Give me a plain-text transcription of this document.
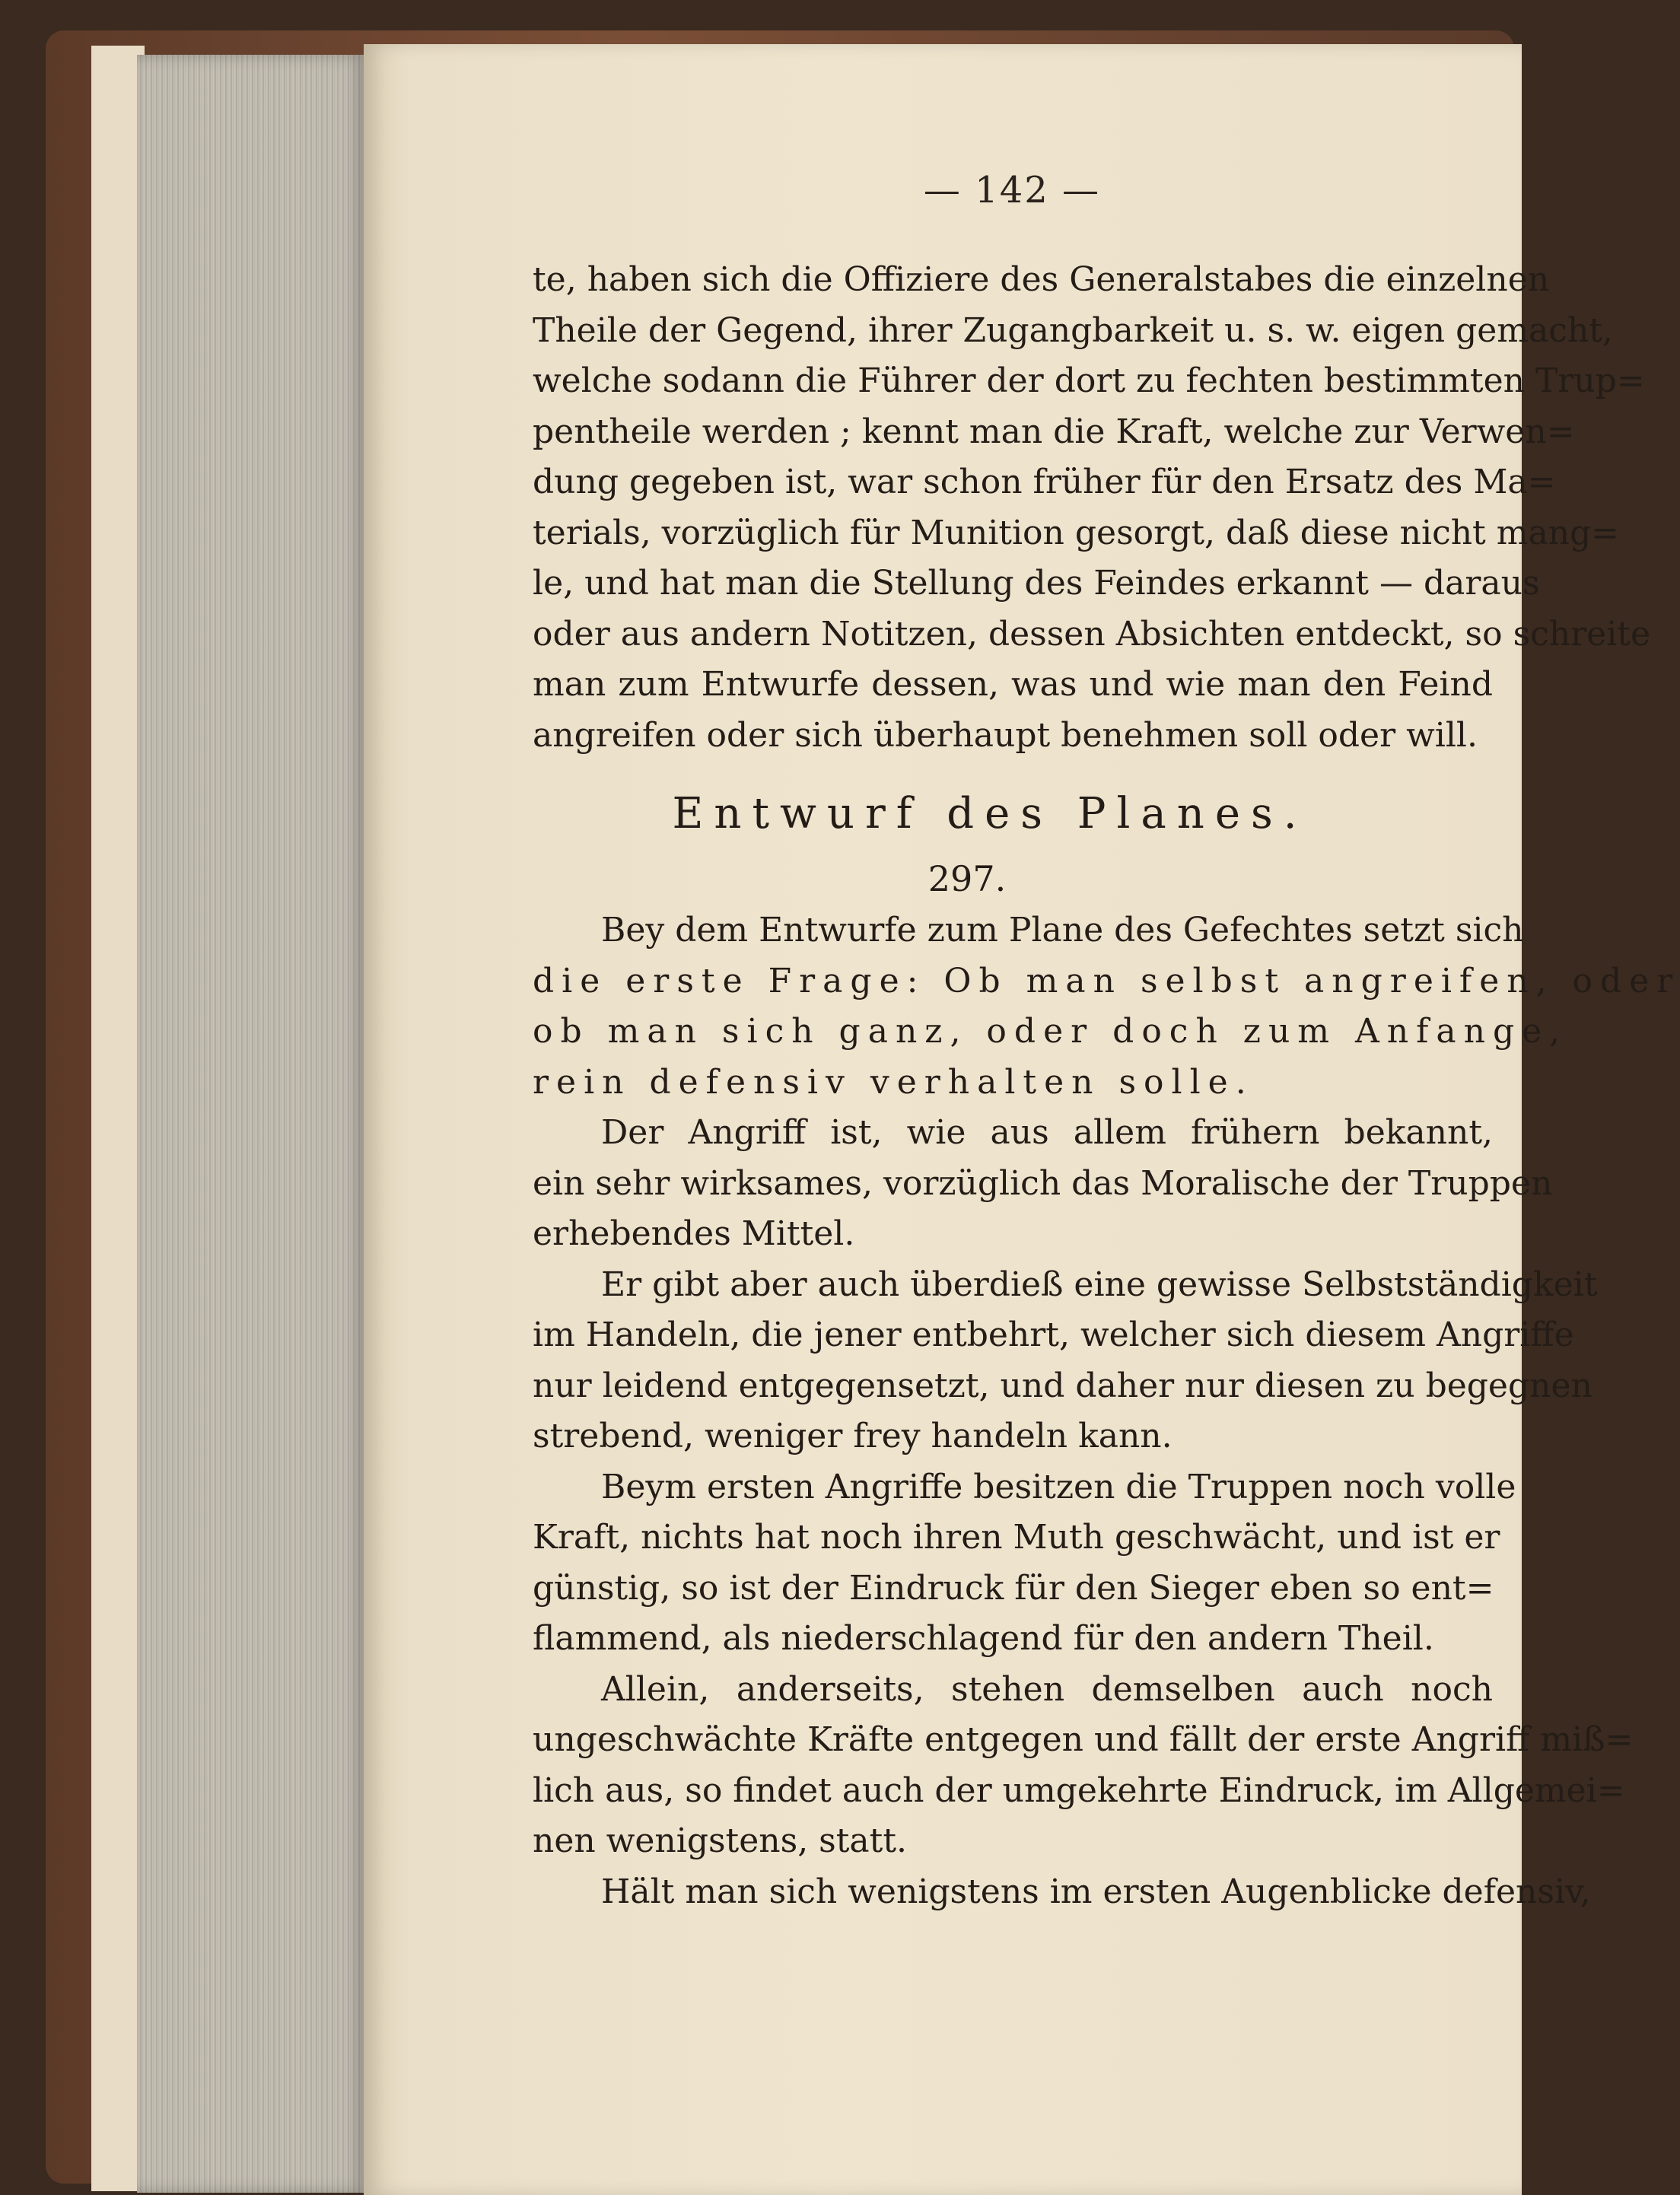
— 142 —
te, haben sich die Offiziere des Generalstabes die einzelnen
Theile der Gegend, ihrer Zugangbarkeit u. s. w. eigen gemacht,
welche sodann die Führer der dort zu fechten bestimmten Trup=
pentheile werden ; kennt man die Kraft, welche zur Verwen=
dung gegeben ist, war schon früher für den Ersatz des Ma=
terials, vorzüglich für Munition gesorgt, daß diese nicht mang=
le, und hat man die Stellung des Feindes erkannt — daraus
oder aus andern Notitzen, dessen Absichten entdeckt, so schreite
man zum Entwurfe dessen, was und wie man den Feind
angreifen oder sich überhaupt benehmen soll oder will.
Entwurf des Planes.
297.
Bey dem Entwurfe zum Plane des Gefechtes setzt sich
die erste Frage: Ob man selbst angreifen, oder
ob man sich ganz, oder doch zum Anfange,
rein defensiv verhalten solle.
Der Angriff ist, wie aus allem frühern bekannt,
ein sehr wirksames, vorzüglich das Moralische der Truppen
erhebendes Mittel.
Er gibt aber auch überdieß eine gewisse Selbstständigkeit
im Handeln, die jener entbehrt, welcher sich diesem Angriffe
nur leidend entgegensetzt, und daher nur diesen zu begegnen
strebend, weniger frey handeln kann.
Beym ersten Angriffe besitzen die Truppen noch volle
Kraft, nichts hat noch ihren Muth geschwächt, und ist er
günstig, so ist der Eindruck für den Sieger eben so ent=
flammend, als niederschlagend für den andern Theil.
Allein, anderseits, stehen demselben auch noch
ungeschwächte Kräfte entgegen und fällt der erste Angriff miß=
lich aus, so findet auch der umgekehrte Eindruck, im Allgemei=
nen wenigstens, statt.
Hält man sich wenigstens im ersten Augenblicke defensiv,
